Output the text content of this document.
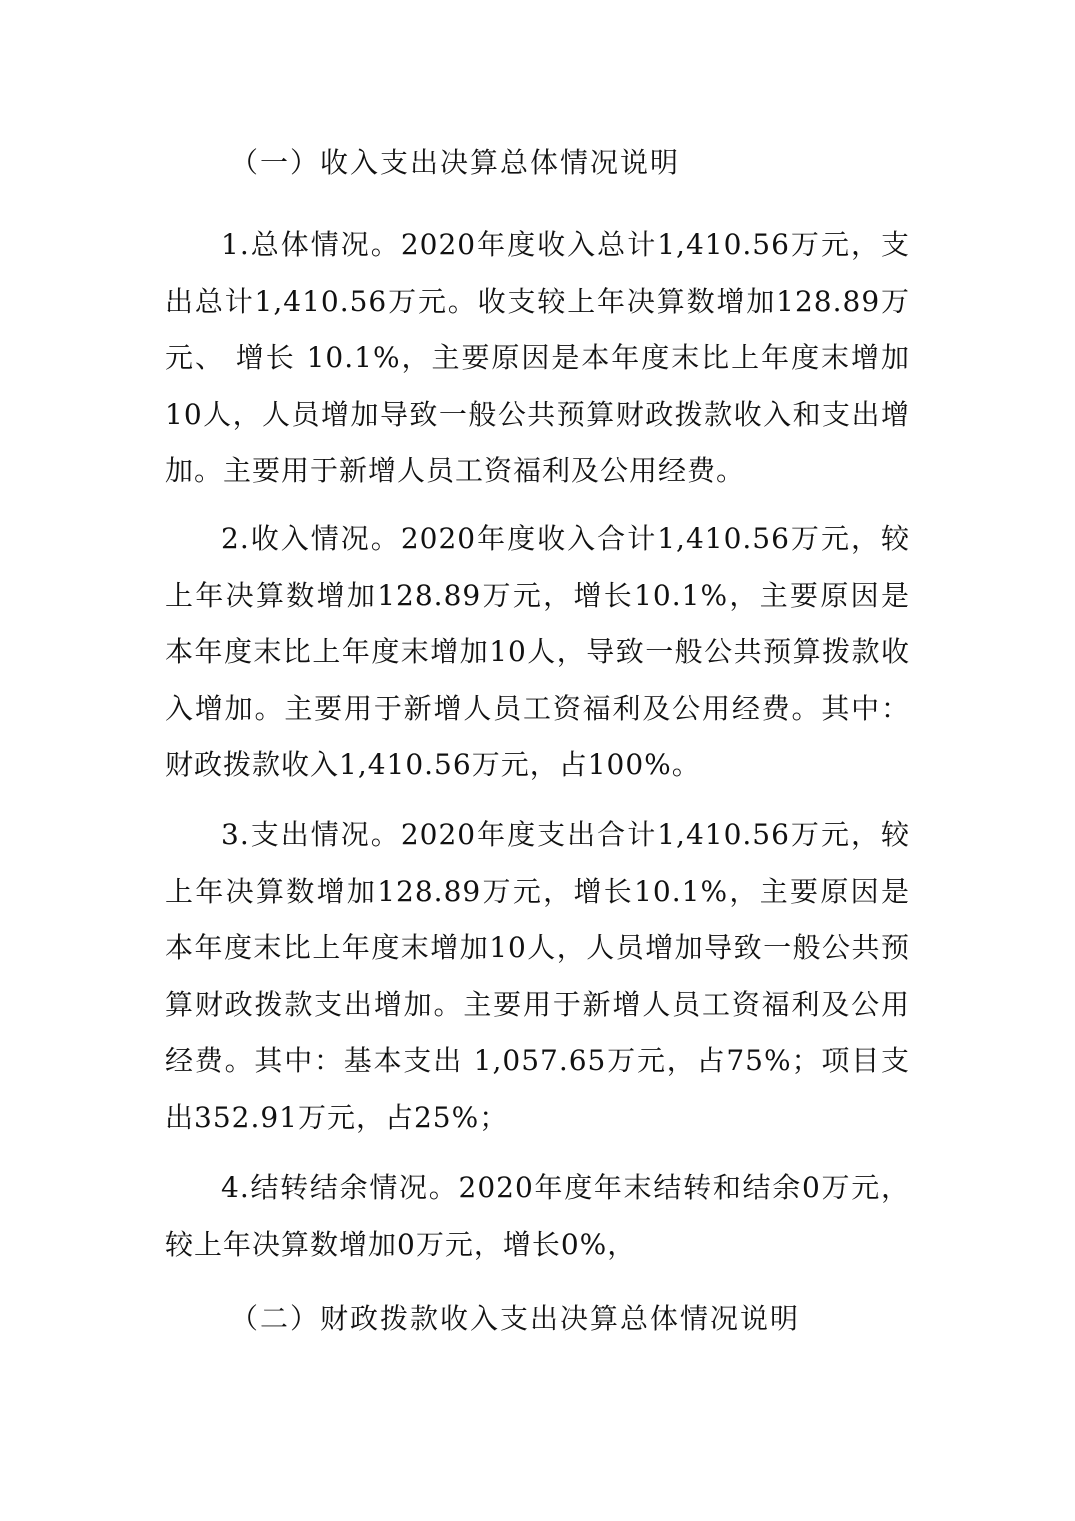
（一）收入支出决算总体情况说明

1.总体情况。2020年度收入总计1,410.56万元，支出总计1,410.56万元。收支较上年决算数增加128.89万元、 增长 10.1%，主要原因是本年度末比上年度末增加10人，人员增加导致一般公共预算财政拨款收入和支出增加。主要用于新增人员工资福利及公用经费。

2.收入情况。2020年度收入合计1,410.56万元，较上年决算数增加128.89万元，增长10.1%，主要原因是本年度末比上年度末增加10人，导致一般公共预算拨款收入增加。主要用于新增人员工资福利及公用经费。其中：财政拨款收入1,410.56万元，占100%。

3.支出情况。2020年度支出合计1,410.56万元，较上年决算数增加128.89万元，增长10.1%，主要原因是本年度末比上年度末增加10人，人员增加导致一般公共预算财政拨款支出增加。主要用于新增人员工资福利及公用经费。其中：基本支出 1,057.65万元，占75%；项目支出352.91万元，占25%；

4.结转结余情况。2020年度年末结转和结余0万元，较上年决算数增加0万元，增长0%，

（二）财政拨款收入支出决算总体情况说明
